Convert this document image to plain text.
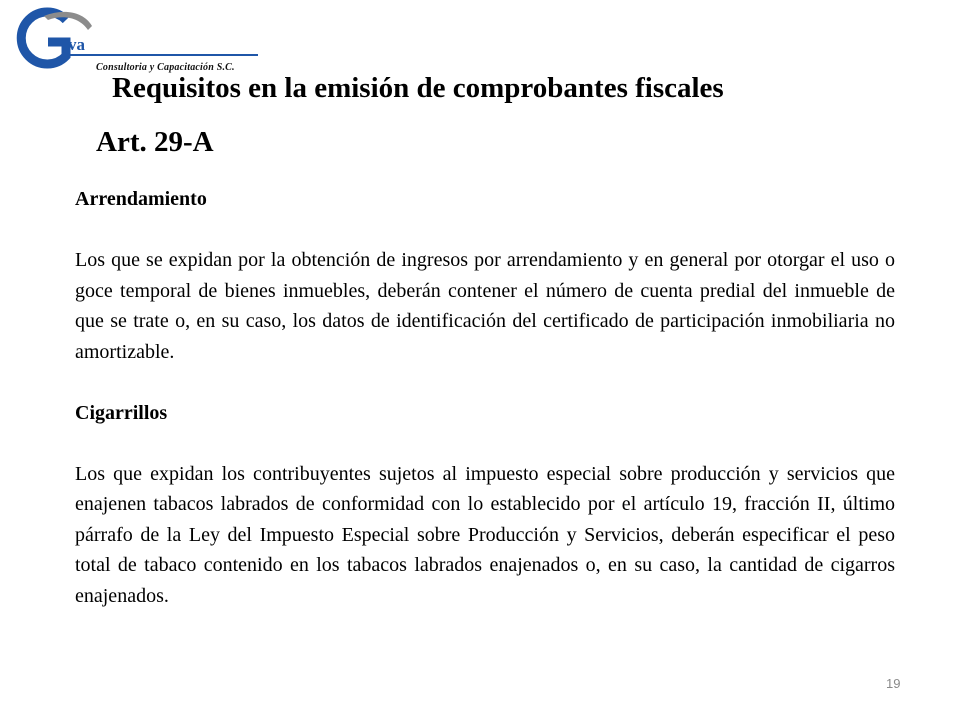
va
Consultoria y Capacitación S.C.
Requisitos en la emisión de comprobantes fiscales
Art. 29-A

Arrendamiento

Los que se expidan por la obtención de ingresos por arrendamiento y en general por otorgar el uso o goce temporal de bienes inmuebles, deberán contener el número de cuenta predial del inmueble de que se trate o, en su caso, los datos de identificación del certificado de participación inmobiliaria no amortizable.

Cigarrillos

Los que expidan los contribuyentes sujetos al impuesto especial sobre producción y servicios que enajenen tabacos labrados de conformidad con lo establecido por el artículo 19, fracción II, último párrafo de la Ley del Impuesto Especial sobre Producción y Servicios, deberán especificar el peso total de tabaco contenido en los tabacos labrados enajenados o, en su caso, la cantidad de cigarros enajenados.

19
